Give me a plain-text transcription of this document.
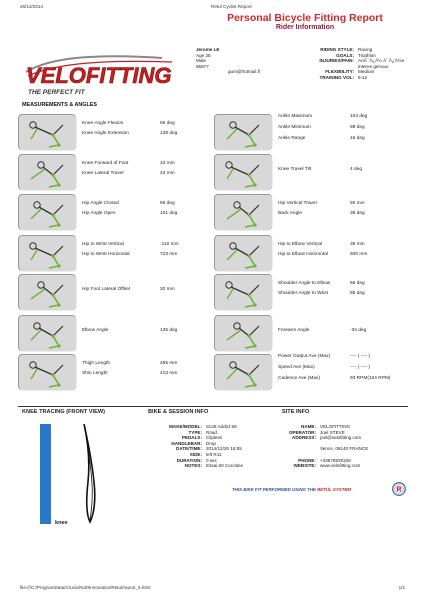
26/12/2014	Retul Cyclist Report
Personal Bicycle Fitting Report
Rider Information
VELOFITTING
THE PERFECT FIT
Jerome LE
Age 25
Male
95877
gum@hotmail.fr
RIDING STYLE: Racing
GOALS: Triathlon
INJURIES/PAIN: AnÃ¯Â¿Â½ Ã¯Â¿Â½e interne genoux
FLEXIBILITY: Medium
TRAINING VOL: 5-12
MEASUREMENTS & ANGLES
Knee Angle Flexion	68 deg
Knee Angle Extension	138 deg
Ankle Maximum	104 deg
Ankle Minimum	89 deg
Ankle Range	16 deg
Knee Forward of Foot	10 mm
Knee Lateral Travel	43 mm
Knee Travel Tilt	4 deg
Hip Angle Closed	56 deg
Hip Angle Open	101 deg
Hip Vertical Travel	50 mm
Back Angle	39 deg
Hip to Wrist Vertical	-110 mm
Hip to Wrist Horizontal	723 mm
Hip to Elbow Vertical	39 mm
Hip to Elbow Horizontal	500 mm
Hip Foot Lateral Offset	20 mm
Shoulder Angle to Elbow	66 deg
Shoulder Angle to Wrist	85 deg
Elbow Angle	135 deg	Forearm Angle	-34 deg
Thigh Length	455 mm
Shin Length	413 mm
Power Output Ave (Max)	---- ( ---- )
Speed Ave (Max)	---- ( ---- )
Cadence Ave (Max)	93 RPM(104 RPM)
KNEE TRACING (FRONT VIEW)	BIKE & SESSION INFO	SITE INFO
knee
MAKE/MODEL: Scott Addict 59
TYPE: Road
PEDALS: Clipless
HANDLEBAR: Drop
DATE/TIME: 2014/12/26 16:55
SIDE: left R11
DURATION: 0 sec
NOTES: Essai 60 Cocotine
NAME: VELOFITTING
OPERATOR: Joel STEVE
ADDRESS: joel@velofitting.com
Vence, 06140 FRANCE
PHONE: +33679830328
WEBSITE: www.velofitting.com
THIS BIKE FIT PERFORMED USING THE RETÜL SYSTEM	R
file:///C:/ProgramData/Crucial%20Innovation/Retul/report_5.html	1/1
